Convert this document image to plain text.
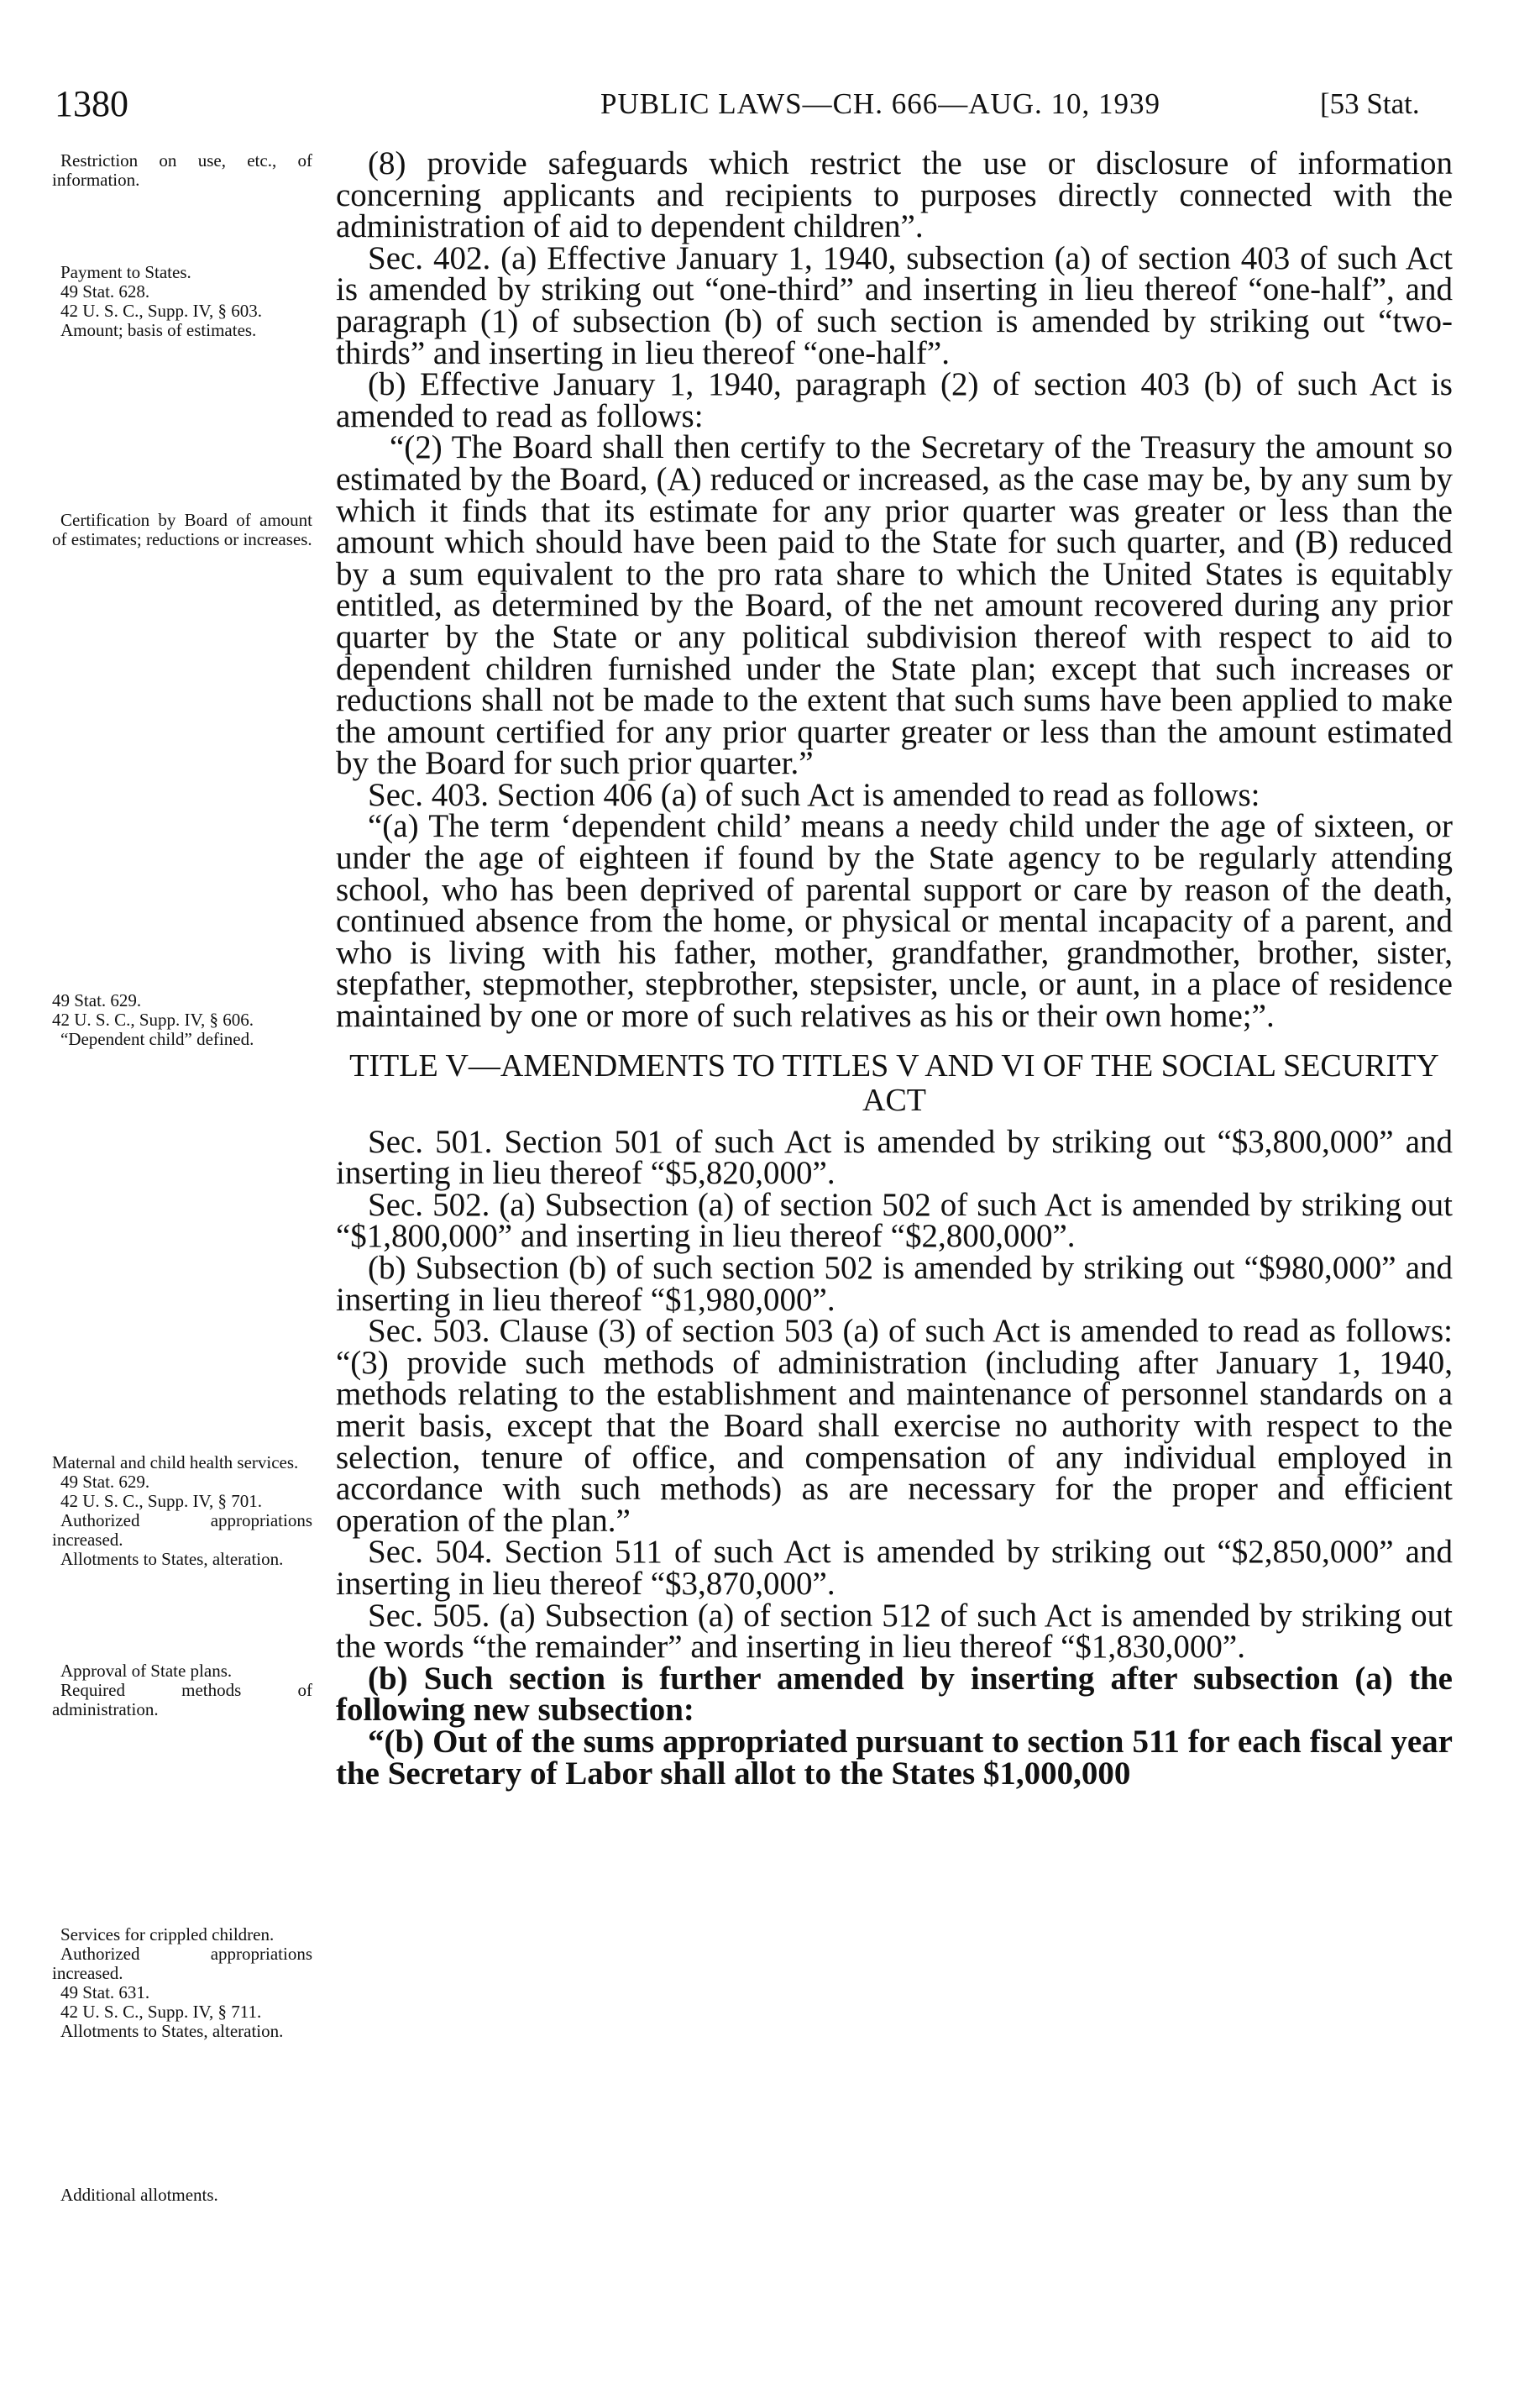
1380	PUBLIC LAWS—CH. 666—AUG. 10, 1939	[53 Stat.

Restriction on use, etc., of information.

Payment to States.

49 Stat. 628.

42 U. S. C., Supp. IV, § 603.

Amount; basis of estimates.

Certification by Board of amount of estimates; reductions or increases.

49 Stat. 629.

42 U. S. C., Supp. IV, § 606.

“Dependent child” defined.

Maternal and child health services.

49 Stat. 629.

42 U. S. C., Supp. IV, § 701.

Authorized appropriations increased.

Allotments to States, alteration.

Approval of State plans.

Required methods of administration.

Services for crippled children.

Authorized appropriations increased.

49 Stat. 631.

42 U. S. C., Supp. IV, § 711.

Allotments to States, alteration.

Additional allotments.

(8) provide safeguards which restrict the use or disclosure of information concerning applicants and recipients to purposes directly connected with the administration of aid to dependent children”.

Sec. 402. (a) Effective January 1, 1940, subsection (a) of section 403 of such Act is amended by striking out “one-third” and inserting in lieu thereof “one-half”, and paragraph (1) of subsection (b) of such section is amended by striking out “two-thirds” and inserting in lieu thereof “one-half”.

(b) Effective January 1, 1940, paragraph (2) of section 403 (b) of such Act is amended to read as follows:

“(2) The Board shall then certify to the Secretary of the Treasury the amount so estimated by the Board, (A) reduced or increased, as the case may be, by any sum by which it finds that its estimate for any prior quarter was greater or less than the amount which should have been paid to the State for such quarter, and (B) reduced by a sum equivalent to the pro rata share to which the United States is equitably entitled, as determined by the Board, of the net amount recovered during any prior quarter by the State or any political subdivision thereof with respect to aid to dependent children furnished under the State plan; except that such increases or reductions shall not be made to the extent that such sums have been applied to make the amount certified for any prior quarter greater or less than the amount estimated by the Board for such prior quarter.”

Sec. 403. Section 406 (a) of such Act is amended to read as follows:

“(a) The term ‘dependent child’ means a needy child under the age of sixteen, or under the age of eighteen if found by the State agency to be regularly attending school, who has been deprived of parental support or care by reason of the death, continued absence from the home, or physical or mental incapacity of a parent, and who is living with his father, mother, grandfather, grandmother, brother, sister, stepfather, stepmother, stepbrother, stepsister, uncle, or aunt, in a place of residence maintained by one or more of such relatives as his or their own home;”.

TITLE V—AMENDMENTS TO TITLES V AND VI OF THE SOCIAL SECURITY ACT

Sec. 501. Section 501 of such Act is amended by striking out “$3,800,000” and inserting in lieu thereof “$5,820,000”.

Sec. 502. (a) Subsection (a) of section 502 of such Act is amended by striking out “$1,800,000” and inserting in lieu thereof “$2,800,000”.

(b) Subsection (b) of such section 502 is amended by striking out “$980,000” and inserting in lieu thereof “$1,980,000”.

Sec. 503. Clause (3) of section 503 (a) of such Act is amended to read as follows: “(3) provide such methods of administration (including after January 1, 1940, methods relating to the establishment and maintenance of personnel standards on a merit basis, except that the Board shall exercise no authority with respect to the selection, tenure of office, and compensation of any individual employed in accordance with such methods) as are necessary for the proper and efficient operation of the plan.”

Sec. 504. Section 511 of such Act is amended by striking out “$2,850,000” and inserting in lieu thereof “$3,870,000”.

Sec. 505. (a) Subsection (a) of section 512 of such Act is amended by striking out the words “the remainder” and inserting in lieu thereof “$1,830,000”.

(b) Such section is further amended by inserting after subsection (a) the following new subsection:

“(b) Out of the sums appropriated pursuant to section 511 for each fiscal year the Secretary of Labor shall allot to the States $1,000,000
